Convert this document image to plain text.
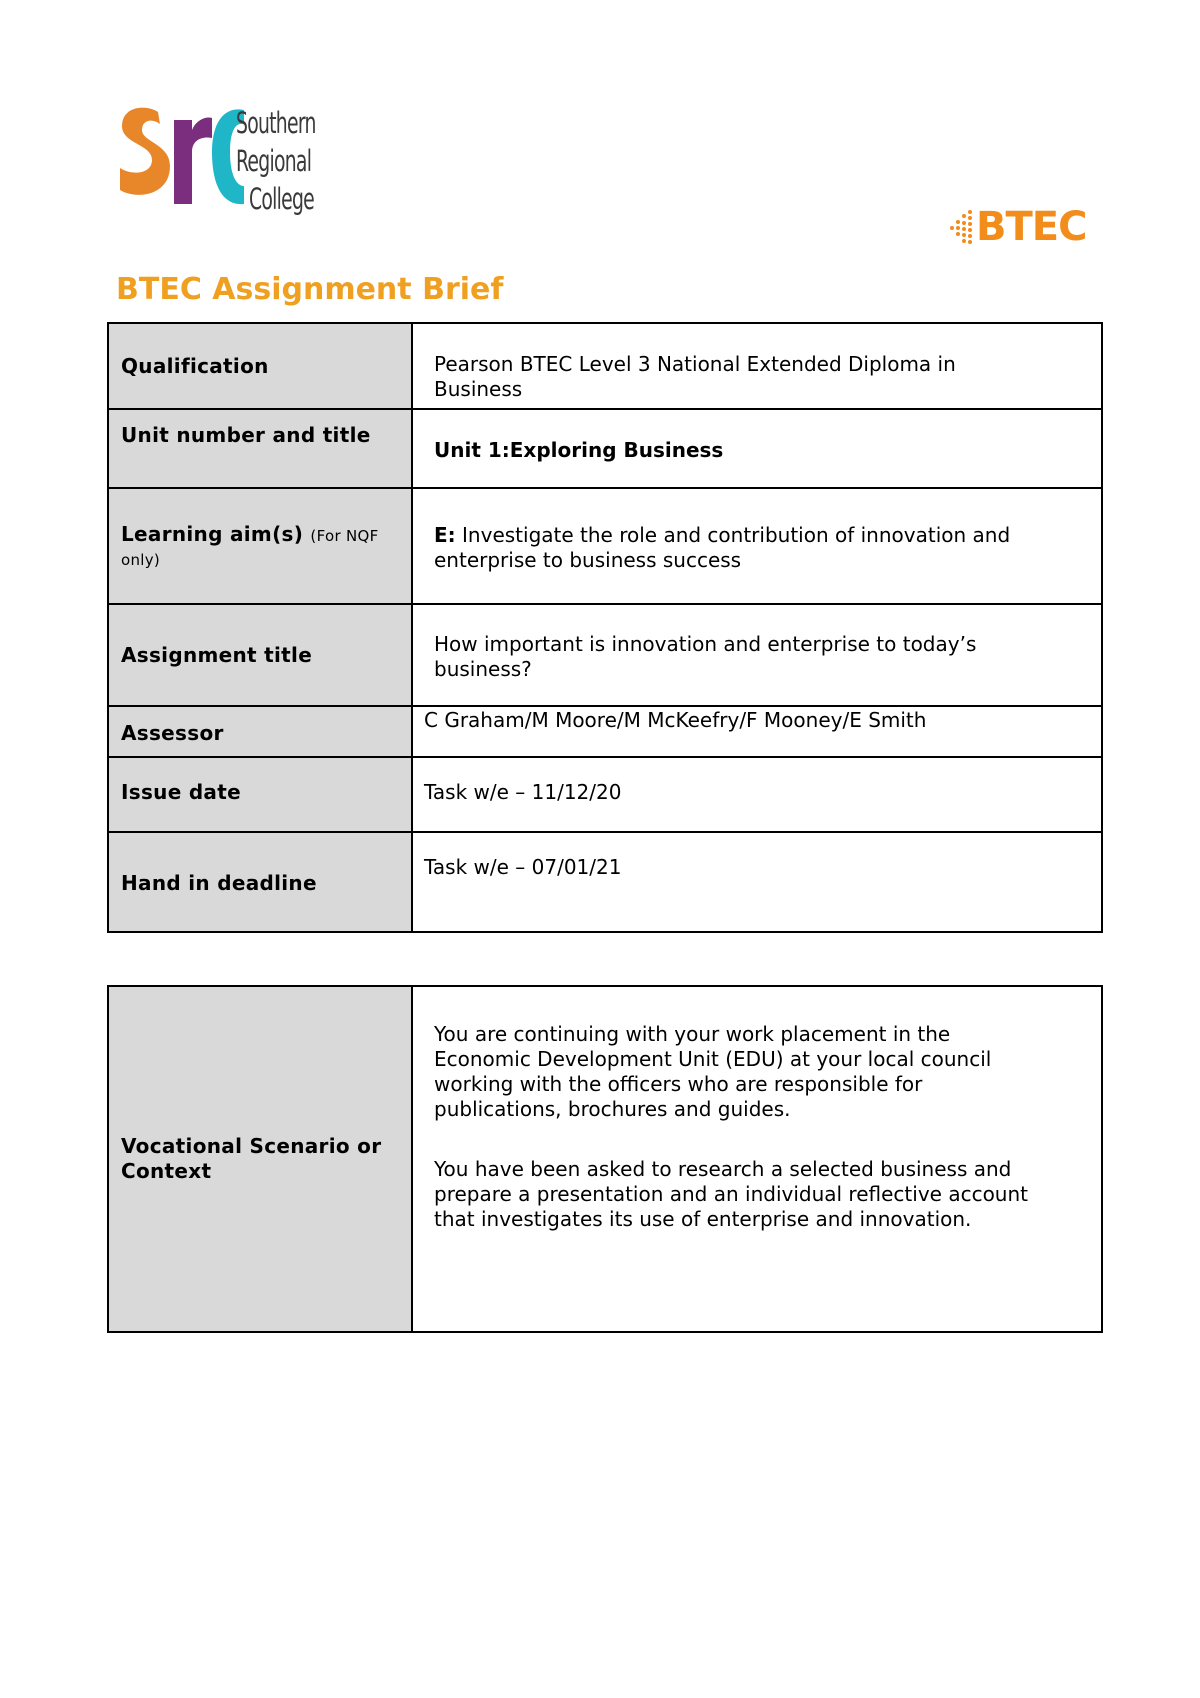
Southern
Regional
College
BTEC
BTEC Assignment Brief
Qualification	Pearson BTEC Level 3 National Extended Diploma in Business

Unit number and title	Unit 1:Exploring Business

Learning aim(s) (For NQF only)	E: Investigate the role and contribution of innovation and enterprise to business success

Assignment title	How important is innovation and enterprise to today’s business?

Assessor	C Graham/M Moore/M McKeefry/F Mooney/E Smith

Issue date	Task w/e – 11/12/20

Hand in deadline	Task w/e – 07/01/21
Vocational Scenario or Context

You are continuing with your work placement in the Economic Development Unit (EDU) at your local council working with the officers who are responsible for publications, brochures and guides.

You have been asked to research a selected business and prepare a presentation and an individual reflective account that investigates its use of enterprise and innovation.
